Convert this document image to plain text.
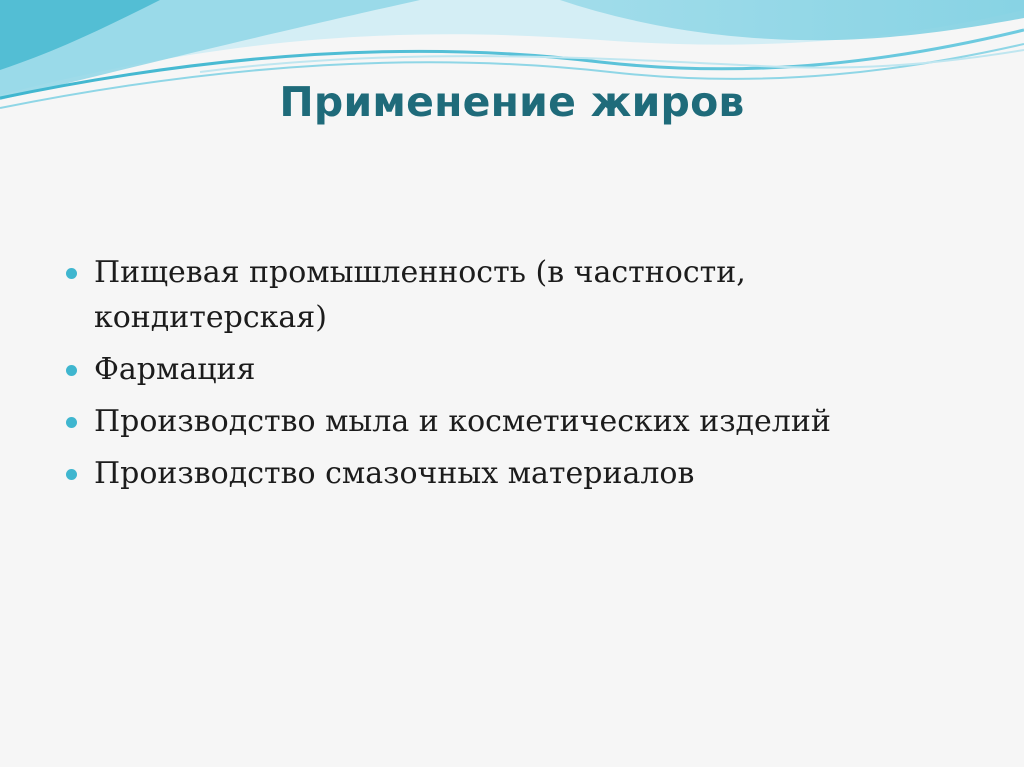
Применение жиров
Пищевая промышленность (в частности, кондитерская)
Фармация
Производство мыла и косметических изделий
Производство смазочных материалов
